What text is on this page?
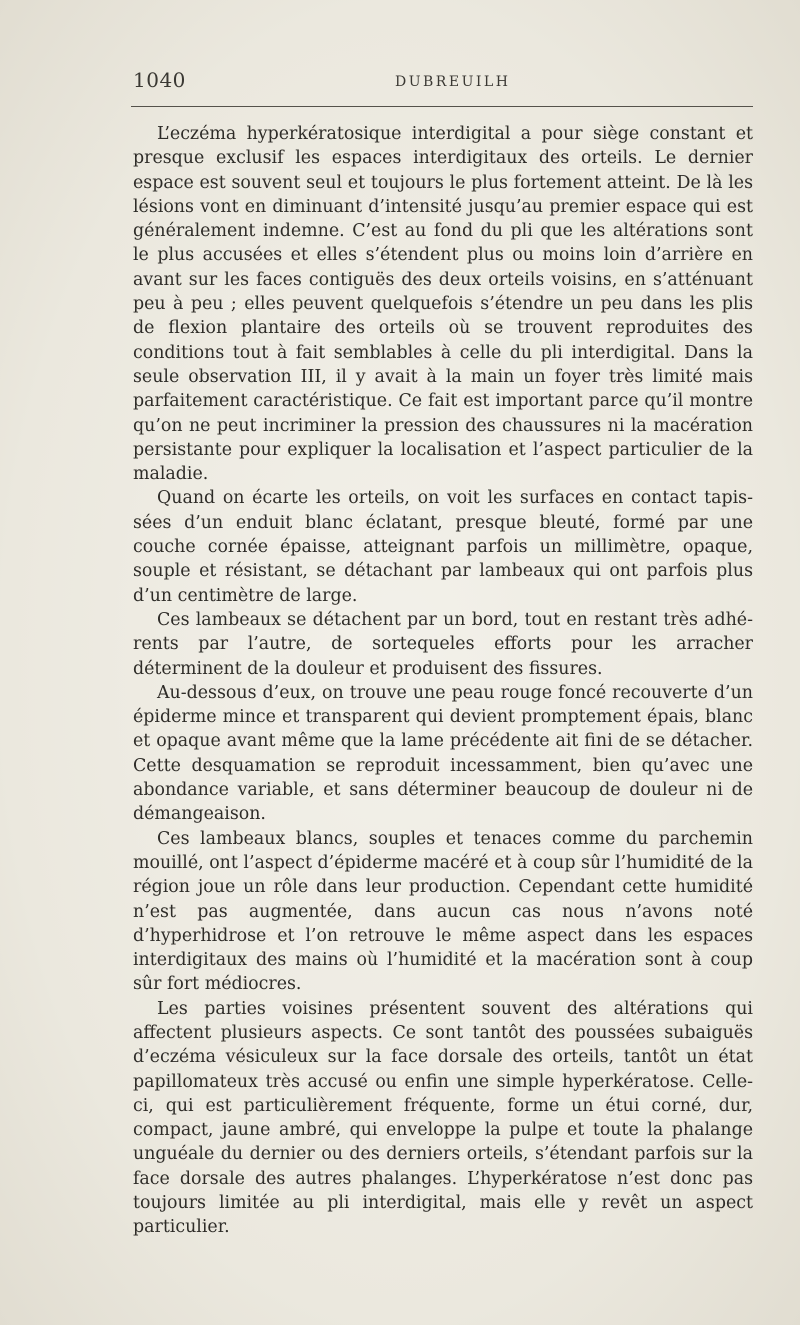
1040	DUBREUILH

L’eczéma hyperkératosique interdigital a pour siège constant et presque exclusif les espaces interdigitaux des orteils. Le dernier espace est souvent seul et toujours le plus fortement atteint. De là les lésions vont en diminuant d’intensité jusqu’au premier espace qui est généralement indemne. C’est au fond du pli que les altérations sont le plus accusées et elles s’étendent plus ou moins loin d’arrière en avant sur les faces contiguës des deux orteils voisins, en s’atténuant peu à peu ; elles peuvent quelquefois s’étendre un peu dans les plis de flexion plantaire des orteils où se trouvent reproduites des conditions tout à fait semblables à celle du pli interdigital. Dans la seule observation III, il y avait à la main un foyer très limité mais parfaitement caractéristique. Ce fait est important parce qu’il montre qu’on ne peut incriminer la pression des chaussures ni la macération persistante pour expliquer la localisation et l’aspect particulier de la maladie.

Quand on écarte les orteils, on voit les surfaces en contact tapissées d’un enduit blanc éclatant, presque bleuté, formé par une couche cornée épaisse, atteignant parfois un millimètre, opaque, souple et résistant, se détachant par lambeaux qui ont parfois plus d’un centimètre de large.

Ces lambeaux se détachent par un bord, tout en restant très adhérents par l’autre, de sortequeles efforts pour les arracher déterminent de la douleur et produisent des fissures.

Au-dessous d’eux, on trouve une peau rouge foncé recouverte d’un épiderme mince et transparent qui devient promptement épais, blanc et opaque avant même que la lame précédente ait fini de se détacher. Cette desquamation se reproduit incessamment, bien qu’avec une abondance variable, et sans déterminer beaucoup de douleur ni de démangeaison.

Ces lambeaux blancs, souples et tenaces comme du parchemin mouillé, ont l’aspect d’épiderme macéré et à coup sûr l’humidité de la région joue un rôle dans leur production. Cependant cette humidité n’est pas augmentée, dans aucun cas nous n’avons noté d’hyperhidrose et l’on retrouve le même aspect dans les espaces interdigitaux des mains où l’humidité et la macération sont à coup sûr fort médiocres.

Les parties voisines présentent souvent des altérations qui affectent plusieurs aspects. Ce sont tantôt des poussées subaiguës d’eczéma vésiculeux sur la face dorsale des orteils, tantôt un état papillomateux très accusé ou enfin une simple hyperkératose. Celle-ci, qui est particulièrement fréquente, forme un étui corné, dur, compact, jaune ambré, qui enveloppe la pulpe et toute la phalange unguéale du dernier ou des derniers orteils, s’étendant parfois sur la face dorsale des autres phalanges. L’hyperkératose n’est donc pas toujours limitée au pli interdigital, mais elle y revêt un aspect particulier.
